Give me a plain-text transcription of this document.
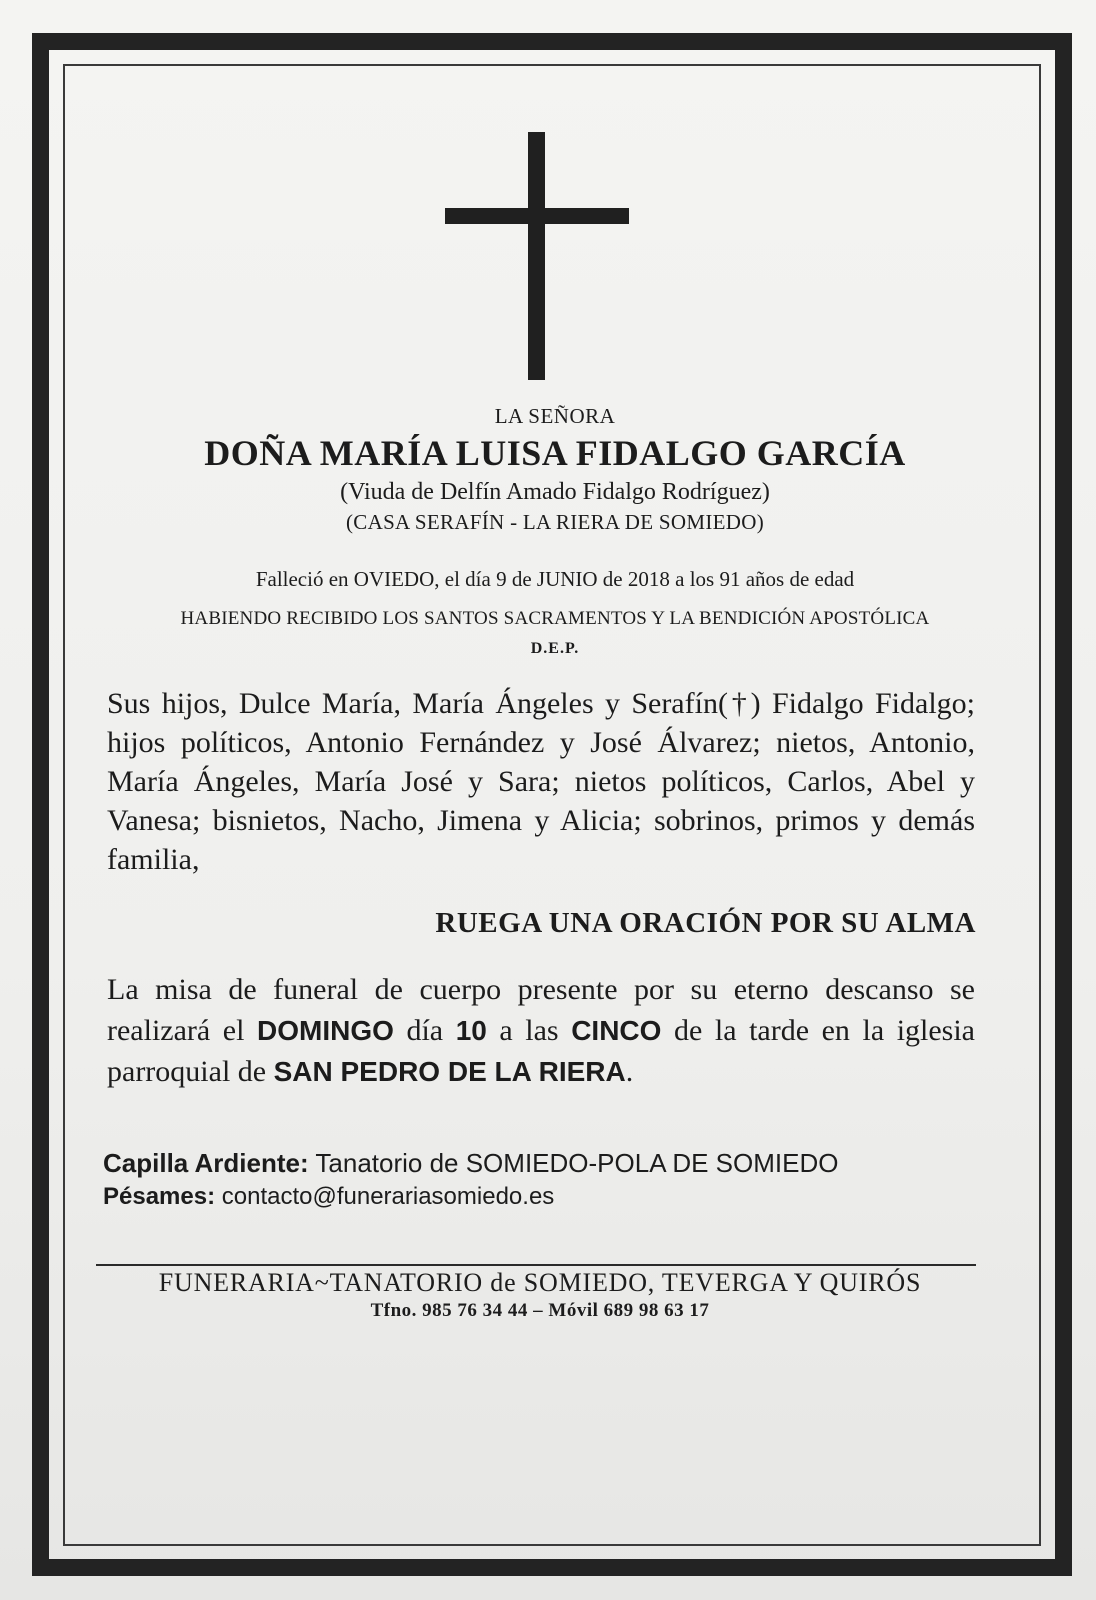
LA SEÑORA
DOÑA MARÍA LUISA FIDALGO GARCÍA
(Viuda de Delfín Amado Fidalgo Rodríguez)
(CASA SERAFÍN - LA RIERA DE SOMIEDO)
Falleció en OVIEDO, el día 9 de JUNIO de 2018 a los 91 años de edad
HABIENDO RECIBIDO LOS SANTOS SACRAMENTOS Y LA BENDICIÓN APOSTÓLICA
D.E.P.
Sus hijos, Dulce María, María Ángeles y Serafín(†) Fidalgo Fidalgo; hijos políticos, Antonio Fernández y José Álvarez; nietos, Antonio, María Ángeles, María José y Sara; nietos políticos, Carlos, Abel y Vanesa; bisnietos, Nacho, Jimena y Alicia; sobrinos, primos y demás familia,
RUEGA UNA ORACIÓN POR SU ALMA
La misa de funeral de cuerpo presente por su eterno descanso se realizará el DOMINGO día 10 a las CINCO de la tarde en la iglesia parroquial de SAN PEDRO DE LA RIERA.
Capilla Ardiente: Tanatorio de SOMIEDO-POLA DE SOMIEDO
Pésames: contacto@funerariasomiedo.es
FUNERARIA~TANATORIO de SOMIEDO, TEVERGA Y QUIRÓS
Tfno. 985 76 34 44 – Móvil 689 98 63 17
